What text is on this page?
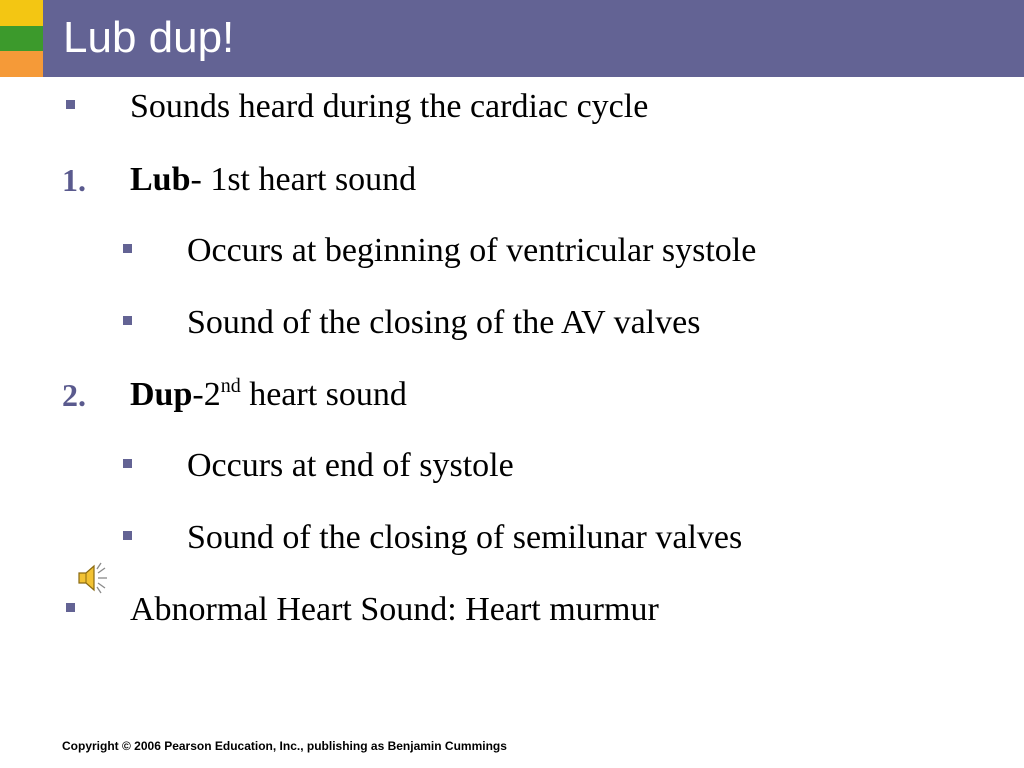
Lub dup!
Sounds heard during the cardiac cycle
1. Lub- 1st heart sound
Occurs at beginning of ventricular systole
Sound of the closing of the AV valves
2. Dup-2nd heart sound
Occurs at end of systole
Sound of the closing of semilunar valves
Abnormal Heart Sound: Heart murmur
Copyright © 2006 Pearson Education, Inc., publishing as Benjamin Cummings
